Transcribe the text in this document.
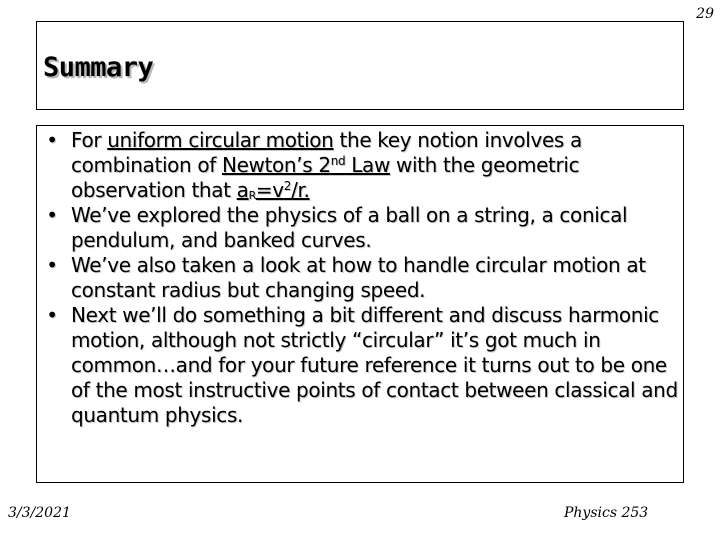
29
Summary
• For uniform circular motion the key notion involves a combination of Newton’s 2nd Law with the geometric observation that $a_R=v^2/r$.
• We’ve explored the physics of a ball on a string, a conical pendulum, and banked curves.
• We’ve also taken a look at how to handle circular motion at constant radius but changing speed.
• Next we’ll do something a bit different and discuss harmonic motion, although not strictly “circular” it’s got much in common…and for your future reference it turns out to be one of the most instructive points of contact between classical and quantum physics.
3/3/2021	Physics 253
